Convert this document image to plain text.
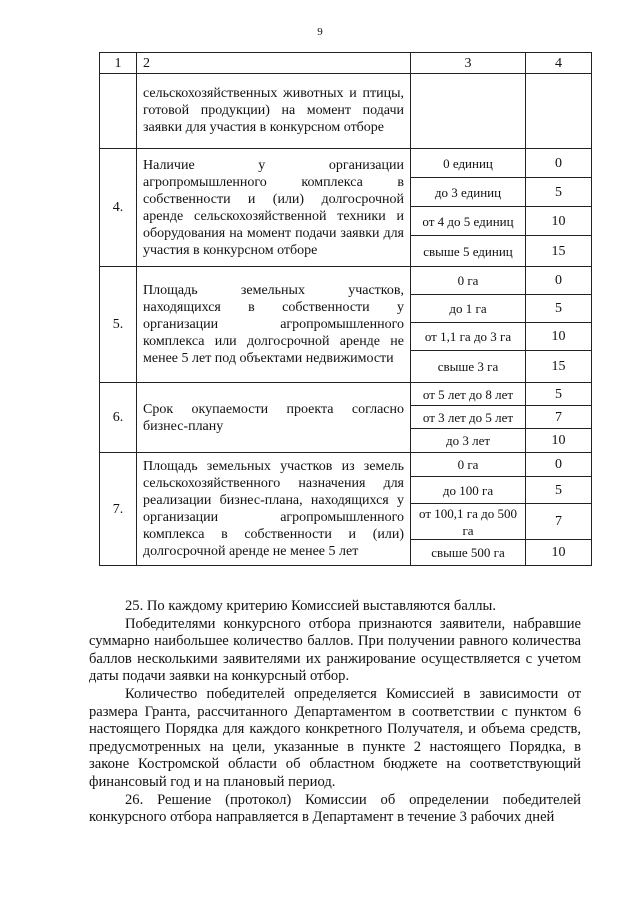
9
1	2	3	4
	сельскохозяйственных животных и птицы, готовой продукции) на момент подачи заявки для участия в конкурсном отборе		
4.	Наличие у организации агропромышленного комплекса в собственности и (или) долгосрочной аренде сельскохозяйственной техники и оборудования на момент подачи заявки для участия в конкурсном отборе	0 единиц	0
		до 3 единиц	5
		от 4 до 5 единиц	10
		свыше 5 единиц	15
5.	Площадь земельных участков, находящихся в собственности у организации агропромышленного комплекса или долгосрочной аренде не менее 5 лет под объектами недвижимости	0 га	0
		до 1 га	5
		от 1,1 га до 3 га	10
		свыше 3 га	15
6.	Срок окупаемости проекта согласно бизнес-плану	от 5 лет до 8 лет	5
		от 3 лет до 5 лет	7
		до 3 лет	10
7.	Площадь земельных участков из земель сельскохозяйственного назначения для реализации бизнес-плана, находящихся у организации агропромышленного комплекса в собственности и (или) долгосрочной аренде не менее 5 лет	0 га	0
		до 100 га	5
		от 100,1 га до 500 га	7
		свыше 500 га	10

25. По каждому критерию Комиссией выставляются баллы.

Победителями конкурсного отбора признаются заявители, набравшие суммарно наибольшее количество баллов. При получении равного количества баллов несколькими заявителями их ранжирование осуществляется с учетом даты подачи заявки на конкурсный отбор.

Количество победителей определяется Комиссией в зависимости от размера Гранта, рассчитанного Департаментом в соответствии с пунктом 6 настоящего Порядка для каждого конкретного Получателя, и объема средств, предусмотренных на цели, указанные в пункте 2 настоящего Порядка, в законе Костромской области об областном бюджете на соответствующий финансовый год и на плановый период.

26. Решение (протокол) Комиссии об определении победителей конкурсного отбора направляется в Департамент в течение 3 рабочих дней
